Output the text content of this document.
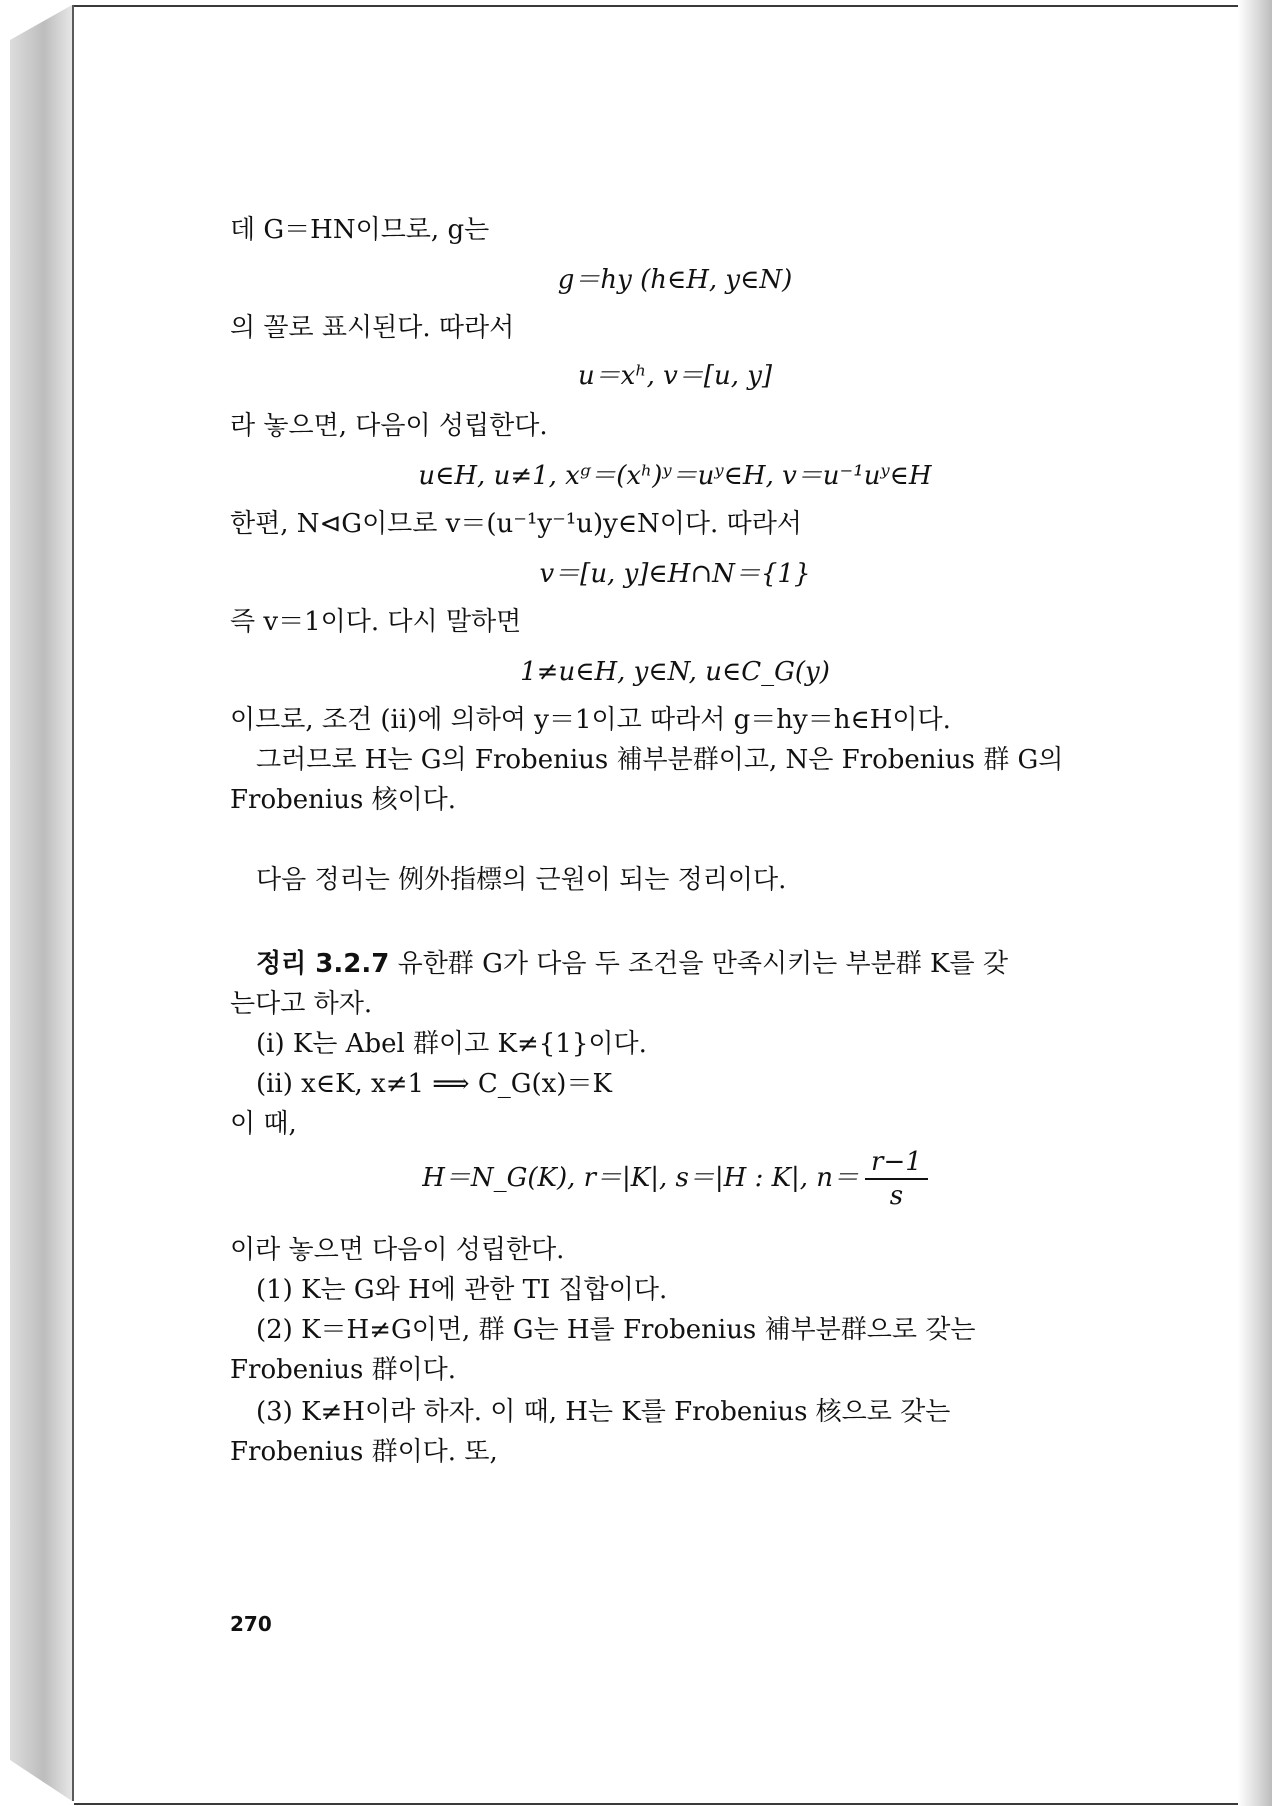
데 G＝HN이므로, g는
g＝hy (h∈H, y∈N)
의 꼴로 표시된다. 따라서
u＝xʰ, v＝[u, y]
라 놓으면, 다음이 성립한다.
u∈H, u≠1, xᵍ＝(xʰ)ʸ＝uʸ∈H, v＝u⁻¹uʸ∈H
한편, N⊲G이므로 v＝(u⁻¹y⁻¹u)y∈N이다. 따라서
v＝[u, y]∈H∩N＝{1}
즉 v＝1이다. 다시 말하면
1≠u∈H, y∈N, u∈C_G(y)
이므로, 조건 (ii)에 의하여 y＝1이고 따라서 g＝hy＝h∈H이다.
그러므로 H는 G의 Frobenius 補부분群이고, N은 Frobenius 群 G의
Frobenius 核이다.
다음 정리는 例外指標의 근원이 되는 정리이다.
정리 3.2.7 유한群 G가 다음 두 조건을 만족시키는 부분群 K를 갖
는다고 하자.
(i) K는 Abel 群이고 K≠{1}이다.
(ii) x∈K, x≠1 ⟹ C_G(x)＝K
이 때,
H＝N_G(K), r＝|K|, s＝|H : K|, $n= \frac{r-1}{s}$
이라 놓으면 다음이 성립한다.
(1) K는 G와 H에 관한 TI 집합이다.
(2) K＝H≠G이면, 群 G는 H를 Frobenius 補부분群으로 갖는
Frobenius 群이다.
(3) K≠H이라 하자. 이 때, H는 K를 Frobenius 核으로 갖는
Frobenius 群이다. 또,
270
